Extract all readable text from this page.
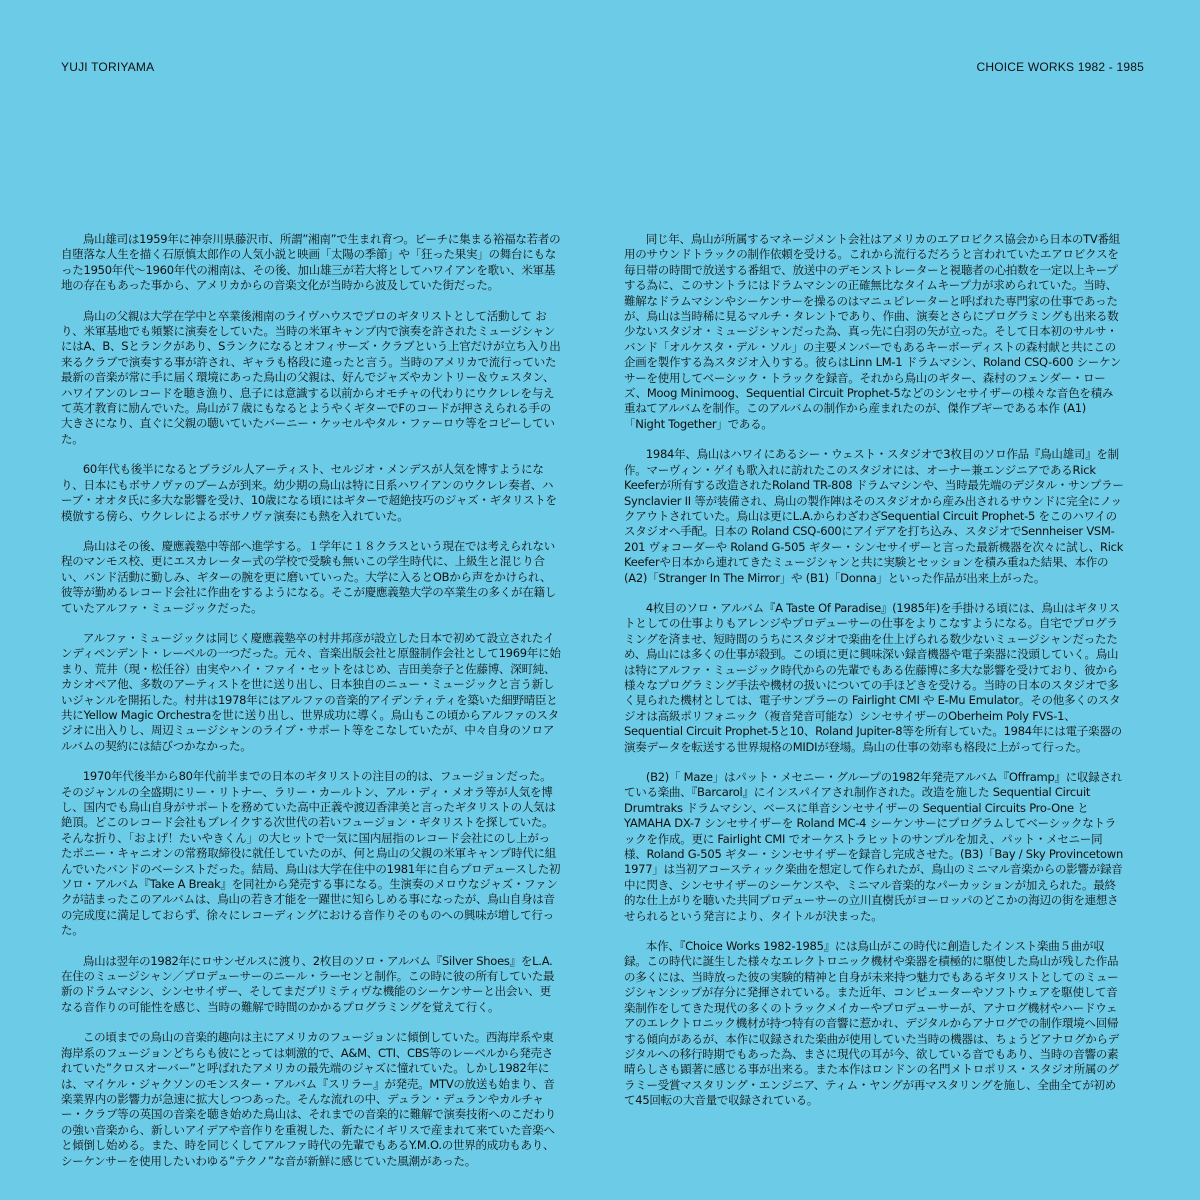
YUJI TORIYAMA	CHOICE WORKS 1982 - 1985

鳥山雄司は1959年に神奈川県藤沢市、所謂”湘南”で生まれ育つ。ビーチに集まる裕福な若者の自堕落な人生を描く石原慎太郎作の人気小説と映画「太陽の季節」や「狂った果実」の舞台にもなった1950年代〜1960年代の湘南は、その後、加山雄三が若大将としてハワイアンを歌い、米軍基地の存在もあった事から、アメリカからの音楽文化が当時から波及していた街だった。

鳥山の父親は大学在学中と卒業後湘南のライヴハウスでプロのギタリストとして活動して おり、米軍基地でも頻繁に演奏をしていた。当時の米軍キャンプ内で演奏を許されたミュージシャンにはA、B、Sとランクがあり、Sランクになるとオフィサーズ・クラブという上官だけが立ち入り出来るクラブで演奏する事が許され、ギャラも格段に違ったと言う。当時のアメリカで流行っていた最新の音楽が常に手に届く環境にあった鳥山の父親は、好んでジャズやカントリー＆ウェスタン、ハワイアンのレコードを聴き漁り、息子には意識する以前からオモチャの代わりにウクレレを与えて英才教育に励んでいた。鳥山が７歳にもなるとようやくギターでFのコードが押さえられる手の大きさになり、直ぐに父親の聴いていたバーニー・ケッセルやタル・ファーロウ等をコピーしていた。

60年代も後半になるとブラジル人アーティスト、セルジオ・メンデスが人気を博すようになり、日本にもボサノヴァのブームが到来。幼少期の鳥山は特に日系ハワイアンのウクレレ奏者、ハーブ・オオタ氏に多大な影響を受け、10歳になる頃にはギターで超絶技巧のジャズ・ギタリストを模倣する傍ら、ウクレレによるボサノヴァ演奏にも熱を入れていた。

鳥山はその後、慶應義塾中等部へ進学する。１学年に１８クラスという現在では考えられない程のマンモス校、更にエスカレーター式の学校で受験も無いこの学生時代に、上級生と混じり合い、バンド活動に勤しみ、ギターの腕を更に磨いていった。大学に入るとOBから声をかけられ、彼等が勤めるレコード会社に作曲をするようになる。そこが慶應義塾大学の卒業生の多くが在籍していたアルファ・ミュージックだった。

アルファ・ミュージックは同じく慶應義塾卒の村井邦彦が設立した日本で初めて設立されたインディペンデント・レーベルの一つだった。元々、音楽出版会社と原盤制作会社として1969年に始まり、荒井（現・松任谷）由実やハイ・ファイ・セットをはじめ、吉田美奈子と佐藤博、深町純、カシオペア他、多数のアーティストを世に送り出し、日本独自のニュー・ミュージックと言う新しいジャンルを開拓した。村井は1978年にはアルファの音楽的アイデンティティを築いた細野晴臣と共にYellow Magic Orchestraを世に送り出し、世界成功に導く。鳥山もこの頃からアルファのスタジオに出入りし、周辺ミュージシャンのライブ・サポート等をこなしていたが、中々自身のソロアルバムの契約には結びつかなかった。

1970年代後半から80年代前半までの日本のギタリストの注目の的は、フュージョンだった。そのジャンルの全盛期にリー・リトナー、ラリー・カールトン、アル・ディ・メオラ等が人気を博し、国内でも鳥山自身がサポートを務めていた高中正義や渡辺香津美と言ったギタリストの人気は絶頂。どこのレコード会社もブレイクする次世代の若いフュージョン・ギタリストを探していた。そんな折り、「およげ！たいやきくん」の大ヒットで一気に国内屈指のレコード会社にのし上がったポニー・キャニオンの常務取締役に就任していたのが、何と鳥山の父親の米軍キャンプ時代に組んでいたバンドのベーシストだった。結局、鳥山は大学在住中の1981年に自らプロデュースした初ソロ・アルバム『Take A Break』を同社から発売する事になる。生演奏のメロウなジャズ・ファンクが詰まったこのアルバムは、鳥山の若き才能を一躍世に知らしめる事になったが、鳥山自身は音の完成度に満足しておらず、徐々にレコーディングにおける音作りそのものへの興味が増して行った。

鳥山は翌年の1982年にロサンゼルスに渡り、2枚目のソロ・アルバム『Silver Shoes』をL.A.在住のミュージシャン／プロデューサーのニール・ラーセンと制作。この時に彼の所有していた最新のドラムマシン、シンセサイザー、そしてまだプリミティヴな機能のシーケンサーと出会い、更なる音作りの可能性を感じ、当時の難解で時間のかかるプログラミングを覚えて行く。

この頃までの鳥山の音楽的趣向は主にアメリカのフュージョンに傾倒していた。西海岸系や東海岸系のフュージョンどちらも彼にとっては刺激的で、A&M、CTI、CBS等のレーベルから発売されていた”クロスオーバー”と呼ばれたアメリカの最先端のジャズに憧れていた。しかし1982年には、マイケル・ジャクソンのモンスター・アルバム『スリラー』が発売。MTVの放送も始まり、音楽業界内の影響力が急速に拡大しつつあった。そんな流れの中、デュラン・デュランやカルチャー・クラブ等の英国の音楽を聴き始めた鳥山は、それまでの音楽的に難解で演奏技術へのこだわりの強い音楽から、新しいアイデアや音作りを重視した、新たにイギリスで産まれて来ていた音楽へと傾倒し始める。また、時を同じくしてアルファ時代の先輩でもあるY.M.O.の世界的成功もあり、シーケンサーを使用したいわゆる”テクノ”な音が新鮮に感じていた風潮があった。

同じ年、鳥山が所属するマネージメント会社はアメリカのエアロビクス協会から日本のTV番組用のサウンドトラックの制作依頼を受ける。これから流行るだろうと言われていたエアロビクスを毎日帯の時間で放送する番組で、放送中のデモンストレーターと視聴者の心拍数を一定以上キープする為に、このサントラにはドラムマシンの正確無比なタイムキープ力が求められていた。当時、難解なドラムマシンやシーケンサーを操るのはマニュピレーターと呼ばれた専門家の仕事であったが、鳥山は当時稀に見るマルチ・タレントであり、作曲、演奏とさらにプログラミングも出来る数少ないスタジオ・ミュージシャンだった為、真っ先に白羽の矢が立った。そして日本初のサルサ・バンド「オルケスタ・デル・ソル」の主要メンバーでもあるキーボーディストの森村献と共にこの企画を製作する為スタジオ入りする。彼らはLinn LM-1 ドラムマシン、Roland CSQ-600 シーケンサーを使用してベーシック・トラックを録音。それから鳥山のギター、森村のフェンダー・ローズ、Moog Minimoog、Sequential Circuit Prophet-5などのシンセサイザーの様々な音色を積み重ねてアルバムを制作。このアルバムの制作から産まれたのが、傑作ブギーである本作 (A1)「Night Together」である。

1984年、鳥山はハワイにあるシー・ウェスト・スタジオで3枚目のソロ作品『鳥山雄司』を制作。マーヴィン・ゲイも歌入れに訪れたこのスタジオには、オーナー兼エンジニアであるRick Keeferが所有する改造されたRoland TR-808 ドラムマシンや、当時最先端のデジタル・サンプラー Synclavier II 等が装備され、鳥山の製作陣はそのスタジオから産み出されるサウンドに完全にノックアウトされていた。鳥山は更にL.A.からわざわざSequential Circuit Prophet-5 をこのハワイのスタジオへ手配。日本の Roland CSQ-600にアイデアを打ち込み、スタジオでSennheiser VSM-201 ヴォコーダーや Roland G-505 ギター・シンセサイザーと言った最新機器を次々に試し、Rick Keeferや日本から連れてきたミュージシャンと共に実験とセッションを積み重ねた結果、本作の(A2)「Stranger In The Mirror」や (B1)「Donna」といった作品が出来上がった。

4枚目のソロ・アルバム『A Taste Of Paradise』(1985年)を手掛ける頃には、鳥山はギタリストとしての仕事よりもアレンジやプロデューサーの仕事をよりこなすようになる。自宅でプログラミングを済ませ、短時間のうちにスタジオで楽曲を仕上げられる数少ないミュージシャンだったため、鳥山には多くの仕事が殺到。この頃に更に興味深い録音機器や電子楽器に没頭していく。鳥山は特にアルファ・ミュージック時代からの先輩でもある佐藤博に多大な影響を受けており、彼から様々なプログラミング手法や機材の扱いについての手ほどきを受ける。当時の日本のスタジオで多く見られた機材としては、電子サンプラーの Fairlight CMI や E-Mu Emulator。その他多くのスタジオは高級ポリフォニック（複音発音可能な）シンセサイザーのOberheim Poly FVS-1、Sequential Circuit Prophet-5と10、Roland Jupiter-8等を所有していた。1984年には電子楽器の演奏データを転送する世界規格のMIDIが登場。鳥山の仕事の効率も格段に上がって行った。

(B2)「 Maze」はパット・メセニー・グループの1982年発売アルバム『Offramp』に収録されている楽曲、『Barcarol』にインスパイアされ制作された。改造を施した Sequential Circuit Drumtraks ドラムマシン、ベースに単音シンセサイザーの Sequential Circuits Pro-One とYAMAHA DX-7 シンセサイザーを Roland MC-4 シーケンサーにプログラムしてベーシックなトラックを作成。更に Fairlight CMI でオーケストラヒットのサンプルを加え、パット・メセニー同様、Roland G-505 ギター・シンセサイザーを録音し完成させた。(B3)「Bay / Sky Provincetown 1977」は当初アコースティック楽曲を想定して作られたが、鳥山のミニマル音楽からの影響が録音中に閃き、シンセサイザーのシーケンスや、ミニマル音楽的なパーカッションが加えられた。最終的な仕上がりを聴いた共同プロデューサーの立川直樹氏がヨーロッパのどこかの海辺の街を連想させられるという発言により、タイトルが決まった。

本作、『Choice Works 1982-1985』には鳥山がこの時代に創造したインスト楽曲５曲が収録。この時代に誕生した様々なエレクトロニック機材や楽器を積極的に駆使した鳥山が残した作品の多くには、当時放った彼の実験的精神と自身が未来持つ魅力でもあるギタリストとしてのミュージシャンシップが存分に発揮されている。また近年、コンピューターやソフトウェアを駆使して音楽制作をしてきた現代の多くのトラックメイカーやプロデューサーが、アナログ機材やハードウェアのエレクトロニック機材が持つ特有の音響に惹かれ、デジタルからアナログでの制作環境へ回帰する傾向があるが、本作に収録された楽曲が使用していた当時の機器は、ちょうどアナログからデジタルへの移行時期でもあった為、まさに現代の耳が今、欲している音でもあり、当時の音響の素晴らしさも顕著に感じる事が出来る。また本作はロンドンの名門メトロポリス・スタジオ所属のグラミー受賞マスタリング・エンジニア、ティム・ヤングが再マスタリングを施し、全曲全てが初めて45回転の大音量で収録されている。
